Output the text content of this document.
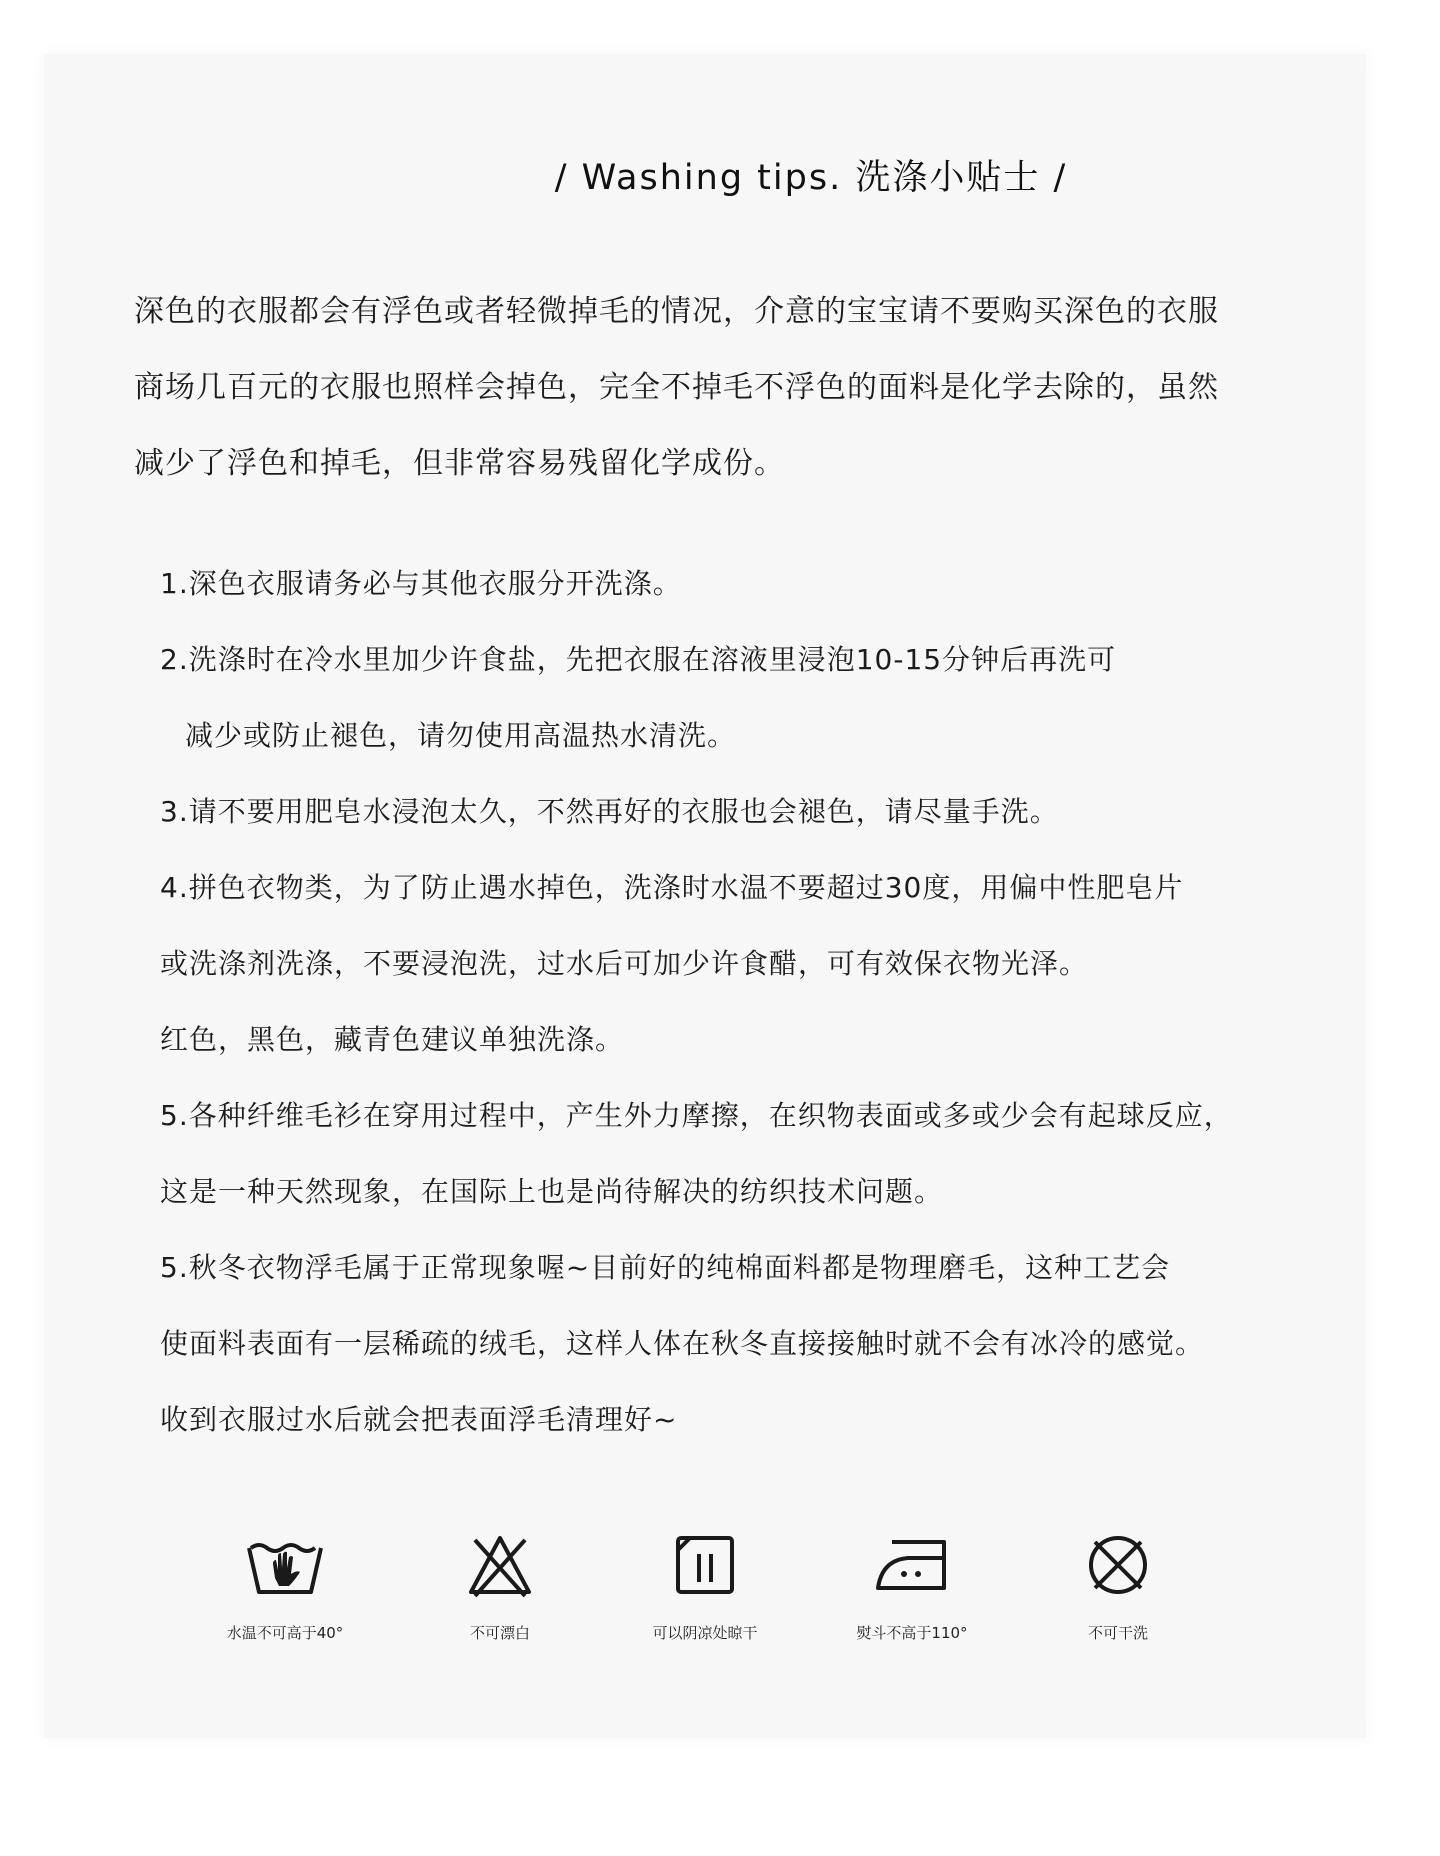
/ Washing tips. 洗涤小贴士 /
深色的衣服都会有浮色或者轻微掉毛的情况，介意的宝宝请不要购买深色的衣服
商场几百元的衣服也照样会掉色，完全不掉毛不浮色的面料是化学去除的，虽然
减少了浮色和掉毛，但非常容易残留化学成份。
1.深色衣服请务必与其他衣服分开洗涤。
2.洗涤时在冷水里加少许食盐，先把衣服在溶液里浸泡10-15分钟后再洗可
减少或防止褪色，请勿使用高温热水清洗。
3.请不要用肥皂水浸泡太久，不然再好的衣服也会褪色，请尽量手洗。
4.拼色衣物类，为了防止遇水掉色，洗涤时水温不要超过30度，用偏中性肥皂片
或洗涤剂洗涤，不要浸泡洗，过水后可加少许食醋，可有效保衣物光泽。
红色，黑色，藏青色建议单独洗涤。
5.各种纤维毛衫在穿用过程中，产生外力摩擦，在织物表面或多或少会有起球反应，
这是一种天然现象，在国际上也是尚待解决的纺织技术问题。
5.秋冬衣物浮毛属于正常现象喔~目前好的纯棉面料都是物理磨毛，这种工艺会
使面料表面有一层稀疏的绒毛，这样人体在秋冬直接接触时就不会有冰冷的感觉。
收到衣服过水后就会把表面浮毛清理好~
水温不可高于40°	不可漂白	可以阴凉处晾干	熨斗不高于110°	不可干洗
